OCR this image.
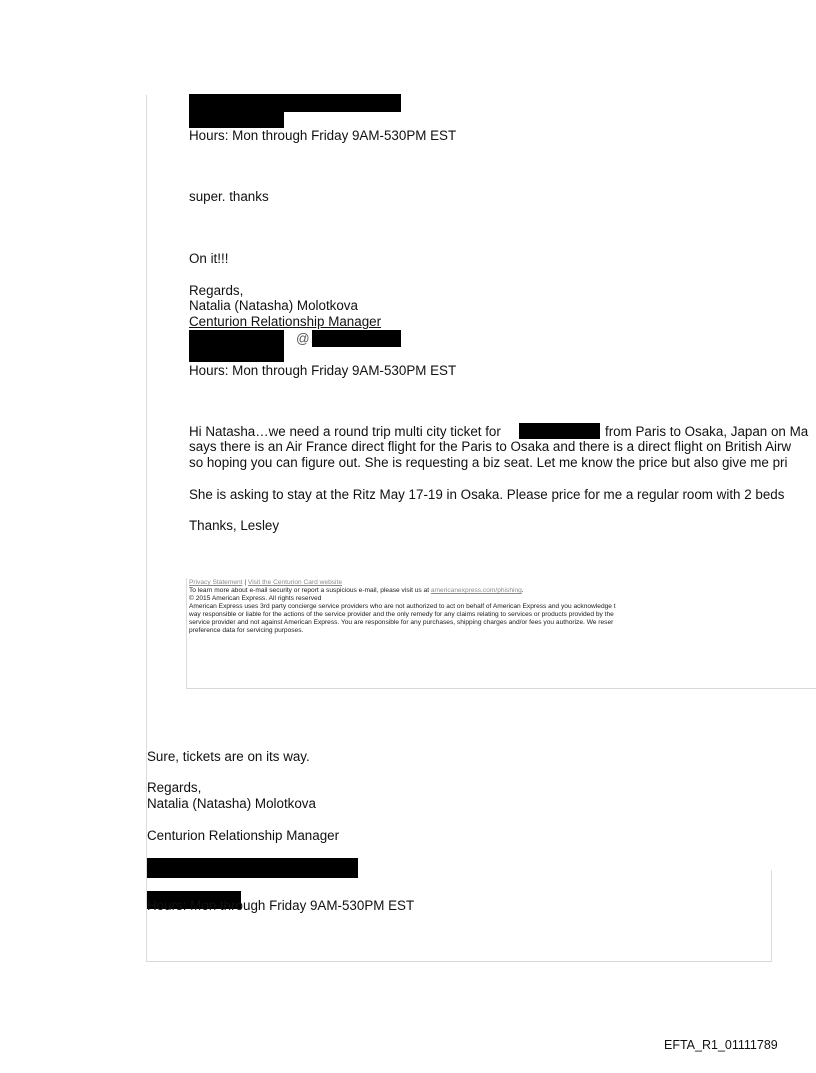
Hours: Mon through Friday 9AM-530PM EST
super. thanks
On it!!!
Regards,
Natalia (Natasha) Molotkova
Centurion Relationship Manager
@
Hours: Mon through Friday 9AM-530PM EST
Hi Natasha…we need a round trip multi city ticket for	from Paris to Osaka, Japan on Ma
says there is an Air France direct flight for the Paris to Osaka and there is a direct flight on British Airw
so hoping you can figure out. She is requesting a biz seat. Let me know the price but also give me pri
She is asking to stay at the Ritz May 17-19 in Osaka. Please price for me a regular room with 2 beds
Thanks, Lesley
Privacy Statement | Visit the Centurion Card website
To learn more about e-mail security or report a suspicious e-mail, please visit us at americanexpress.com/phishing.
© 2015 American Express. All rights reserved
American Express uses 3rd party concierge service providers who are not authorized to act on behalf of American Express and you acknowledge t
way responsible or liable for the actions of the service provider and the only remedy for any claims relating to services or products provided by the
service provider and not against American Express. You are responsible for any purchases, shipping charges and/or fees you authorize. We reser
preference data for servicing purposes.
Sure, tickets are on its way.
Regards,
Natalia (Natasha) Molotkova
Centurion Relationship Manager
Hours: Mon through Friday 9AM-530PM EST
EFTA_R1_01111789
